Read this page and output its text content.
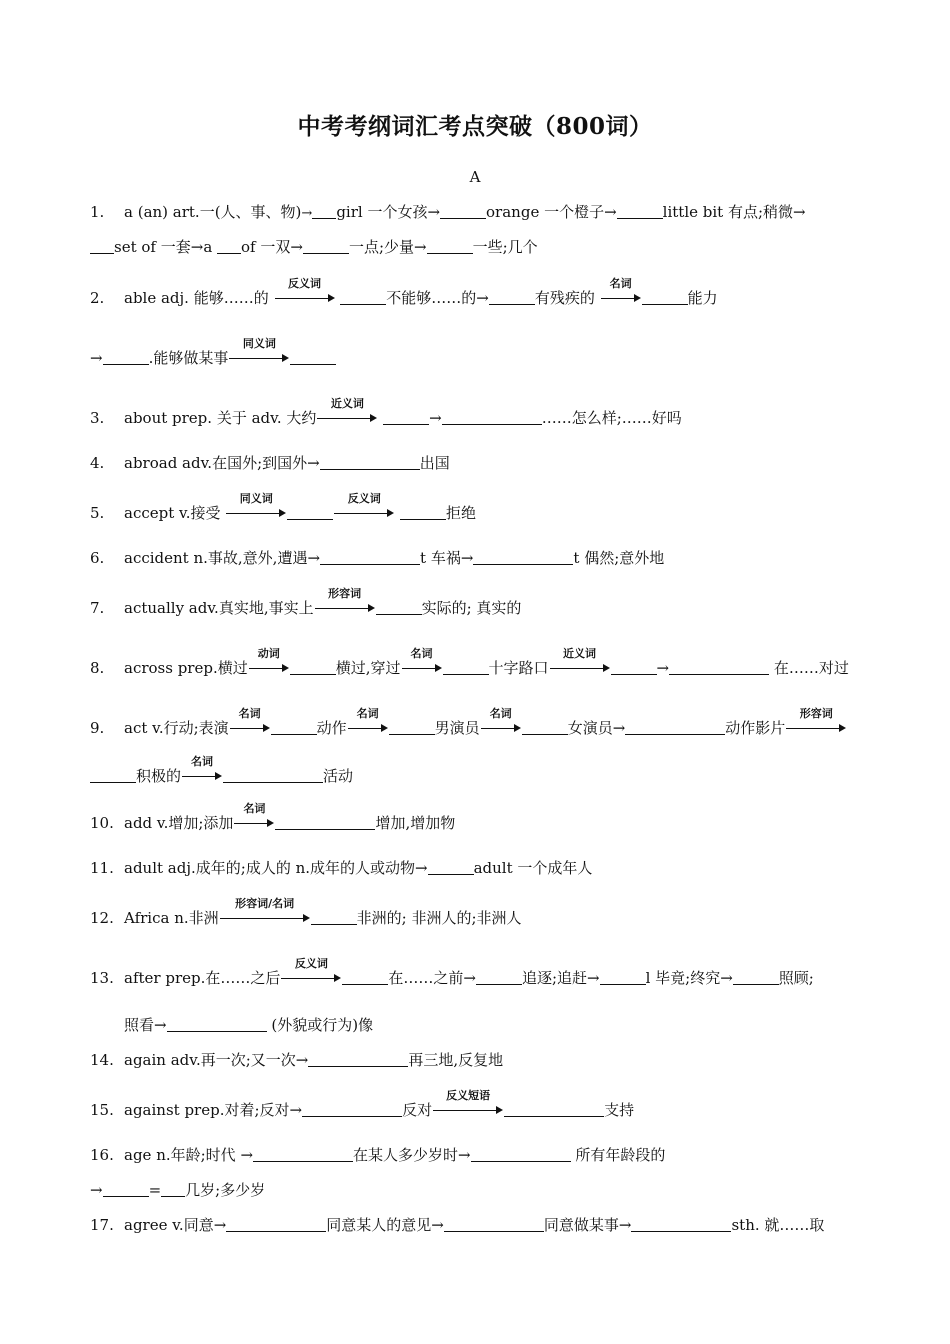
中考考纲词汇考点突破（800词）
A
1. a (an) art.一(人、事、物)→ girl 一个女孩→	orange 一个橙子→	little bit 有点;稍微→
set of 一套→a of 一双→	一点;少量→	一些;几个
2. able adj. 能够……的
反义词
不能够……的→	有残疾的
名词
能力
→	.能够做某事
同义词
3. about prep. 关于 adv. 大约
近义词
→	……怎么样;……好吗
4. abroad adv.在国外;到国外→	出国
5. accept v.接受
同义词	反义词
拒绝
6. accident n.事故,意外,遭遇→	t 车祸→	t 偶然;意外地
7. actually adv.真实地,事实上
形容词
实际的; 真实的
8. across prep.横过
动词
横过,穿过
名词
十字路口
近义词
→	在……对过
9. act v.行动;表演
名词
动作
名词
男演员
名词
女演员→	动作影片
形容词
积极的
名词
活动
10. add v.增加;添加
名词
增加,增加物
11. adult adj.成年的;成人的 n.成年的人或动物→	adult 一个成年人
12. Africa n.非洲
形容词/名词
非洲的; 非洲人的;非洲人
13. after prep.在……之后
反义词
在……之前→	追逐;追赶→	l 毕竟;终究→	照顾;
照看→	(外貌或行为)像
14. again adv.再一次;又一次→	再三地,反复地
15. against prep.对着;反对→	反对
反义短语
支持
16. age n.年龄;时代 →	在某人多少岁时→	所有年龄段的
→	= 几岁;多少岁
17. agree v.同意→	同意某人的意见→	同意做某事→	sth. 就……取
